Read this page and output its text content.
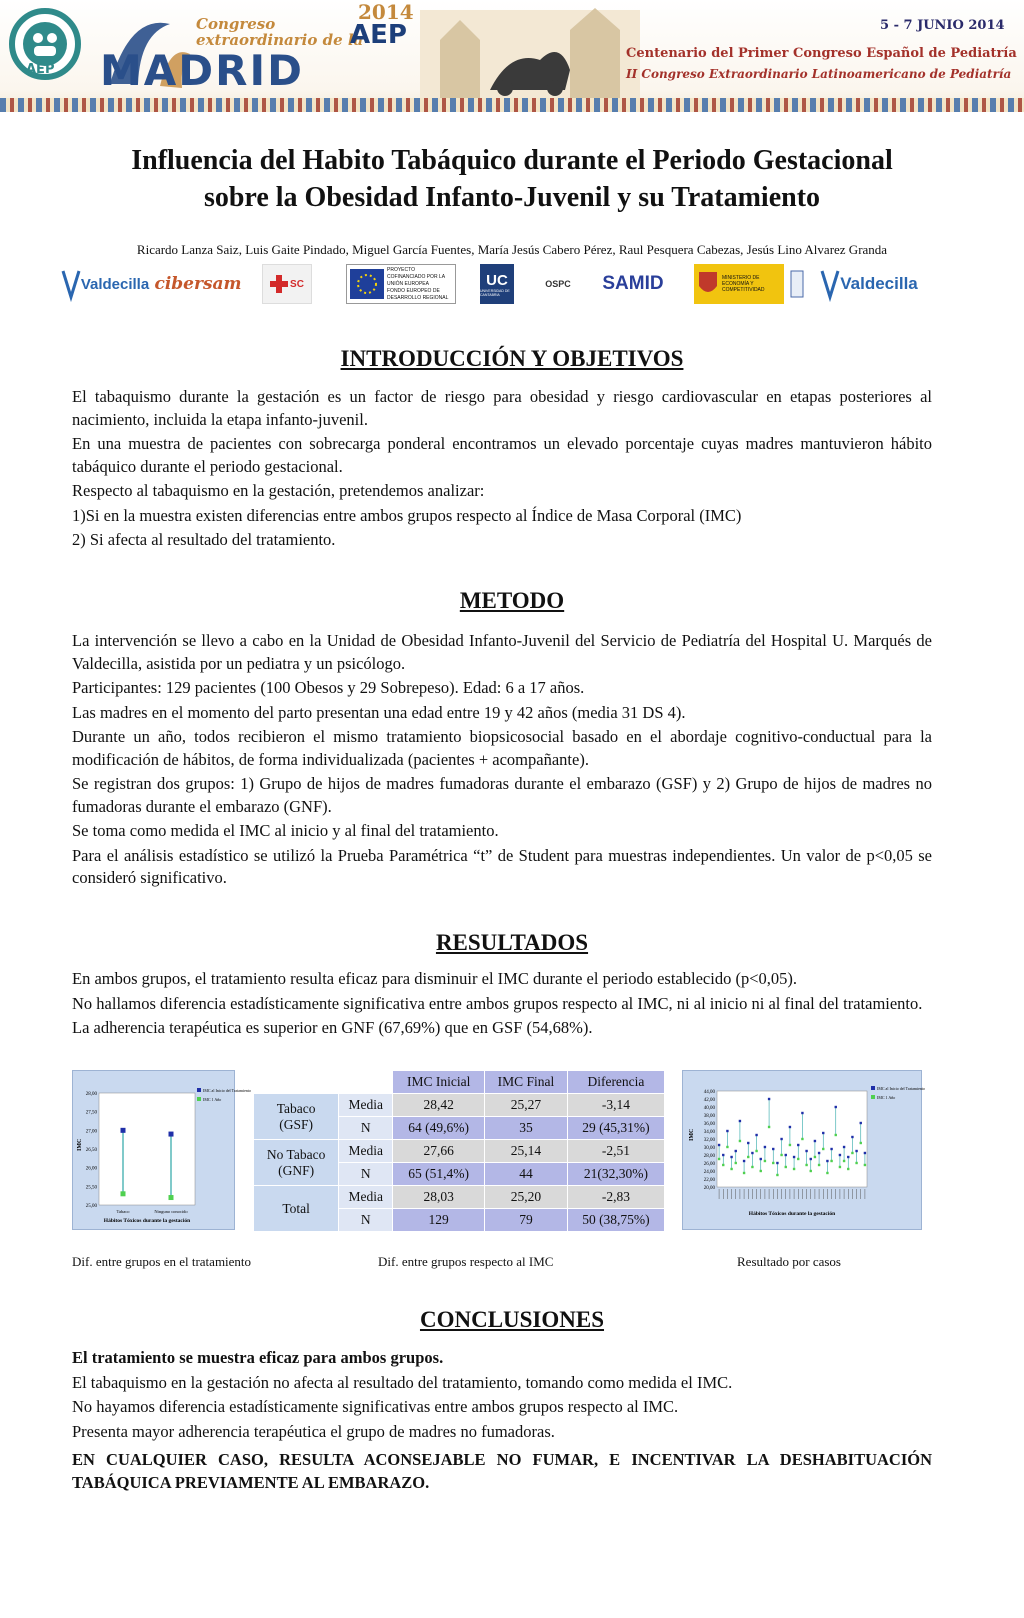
AEP
Congreso
extraordinario de la
2014
AEP
MADRID
5 - 7 JUNIO 2014
Centenario del Primer Congreso Español de Pediatría
II Congreso Extraordinario Latinoamericano de Pediatría
Influencia del Habito Tabáquico durante el Periodo Gestacional
sobre la Obesidad Infanto-Juvenil y su Tratamiento
Ricardo Lanza Saiz, Luis Gaite Pindado, Miguel García Fuentes, María Jesús Cabero Pérez, Raul Pesquera Cabezas, Jesús Lino Alvarez Granda
Valdecilla cibersam	SC
PROYECTO COFINANCIADO POR LA UNIÓN EUROPEA
FONDO EUROPEO DE DESARROLLO REGIONAL
UC
UNIVERSIDAD DE CANTABRIA
OSPC SAMID	MINISTERIO DE ECONOMÍA Y COMPETITIVIDAD	Valdecilla
INTRODUCCIÓN Y OBJETIVOS

El tabaquismo durante la gestación es un factor de riesgo para obesidad y riesgo cardiovascular en etapas posteriores al nacimiento, incluida la etapa infanto-juvenil.

En una muestra de pacientes con sobrecarga ponderal encontramos un elevado porcentaje cuyas madres mantuvieron hábito tabáquico durante el periodo gestacional.

Respecto al tabaquismo en la gestación, pretendemos analizar:

1)Si en la muestra existen diferencias entre ambos grupos respecto al Índice de Masa Corporal (IMC)

2) Si afecta al resultado del tratamiento.

METODO

La intervención se llevo a cabo en la Unidad de Obesidad Infanto-Juvenil del Servicio de Pediatría del Hospital U. Marqués de Valdecilla, asistida por un pediatra y un psicólogo.

Participantes: 129 pacientes (100 Obesos y 29 Sobrepeso). Edad: 6 a 17 años.

Las madres en el momento del parto presentan una edad entre 19 y 42 años (media 31 DS 4).

Durante un año, todos recibieron el mismo tratamiento biopsicosocial basado en el abordaje cognitivo-conductual para la modificación de hábitos, de forma individualizada (pacientes + acompañante).

Se registran dos grupos: 1) Grupo de hijos de madres fumadoras durante el embarazo (GSF) y 2) Grupo de hijos de madres no fumadoras durante el embarazo (GNF).

Se toma como medida el IMC al inicio y al final del tratamiento.

Para el análisis estadístico se utilizó la Prueba Paramétrica “t” de Student para muestras independientes. Un valor de p<0,05 se consideró significativo.

RESULTADOS

En ambos grupos, el tratamiento resulta eficaz para disminuir el IMC durante el periodo establecido (p<0,05).

No hallamos diferencia estadísticamente significativa entre ambos grupos respecto al IMC, ni al inicio ni al final del tratamiento.

La adherencia terapéutica es superior en GNF (67,69%) que en GSF (54,68%).

28,00
27,50
27,00
26,50
26,00
25,50
25,00
IMC
Tabaco	Ninguno conocido
Hábitos Tóxicos durante la gestación
IMC al Inicio del Tratamiento
IMC 1 Año
		IMC Inicial	IMC Final	Diferencia

Tabaco
(GSF)	Media	28,42	25,27	-3,14
	N	64 (49,6%)	35	29 (45,31%)

No Tabaco
(GNF)	Media	27,66	25,14	-2,51
	N	65 (51,4%)	44	21(32,30%)

Total	Media	28,03	25,20	-2,83
	N	129	79	50 (38,75%)
44,00
42,00
40,00
38,00
36,00
34,00
32,00
30,00
28,00
26,00
24,00
22,00
20,00
IMC
Hábitos Tóxicos durante la gestación
IMC al Inicio del Tratamiento
IMC 1 Año
Dif. entre grupos en el tratamiento	Dif. entre grupos respecto al IMC	Resultado por casos
CONCLUSIONES

El tratamiento se muestra eficaz para ambos grupos.

El tabaquismo en la gestación no afecta al resultado del tratamiento, tomando como medida el IMC.

No hayamos diferencia estadísticamente significativas entre ambos grupos respecto al IMC.

Presenta mayor adherencia terapéutica el grupo de madres no fumadoras.

EN CUALQUIER CASO, RESULTA ACONSEJABLE NO FUMAR, E INCENTIVAR LA DESHABITUACIÓN TABÁQUICA PREVIAMENTE AL EMBARAZO.
